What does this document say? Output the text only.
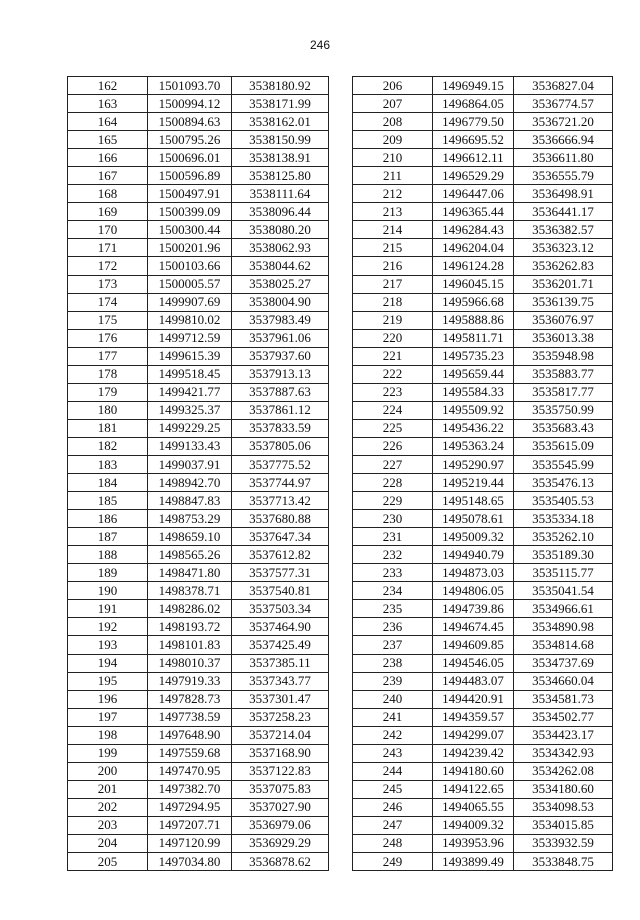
246
162	1501093.70	3538180.92
163	1500994.12	3538171.99
164	1500894.63	3538162.01
165	1500795.26	3538150.99
166	1500696.01	3538138.91
167	1500596.89	3538125.80
168	1500497.91	3538111.64
169	1500399.09	3538096.44
170	1500300.44	3538080.20
171	1500201.96	3538062.93
172	1500103.66	3538044.62
173	1500005.57	3538025.27
174	1499907.69	3538004.90
175	1499810.02	3537983.49
176	1499712.59	3537961.06
177	1499615.39	3537937.60
178	1499518.45	3537913.13
179	1499421.77	3537887.63
180	1499325.37	3537861.12
181	1499229.25	3537833.59
182	1499133.43	3537805.06
183	1499037.91	3537775.52
184	1498942.70	3537744.97
185	1498847.83	3537713.42
186	1498753.29	3537680.88
187	1498659.10	3537647.34
188	1498565.26	3537612.82
189	1498471.80	3537577.31
190	1498378.71	3537540.81
191	1498286.02	3537503.34
192	1498193.72	3537464.90
193	1498101.83	3537425.49
194	1498010.37	3537385.11
195	1497919.33	3537343.77
196	1497828.73	3537301.47
197	1497738.59	3537258.23
198	1497648.90	3537214.04
199	1497559.68	3537168.90
200	1497470.95	3537122.83
201	1497382.70	3537075.83
202	1497294.95	3537027.90
203	1497207.71	3536979.06
204	1497120.99	3536929.29
205	1497034.80	3536878.62
206	1496949.15	3536827.04
207	1496864.05	3536774.57
208	1496779.50	3536721.20
209	1496695.52	3536666.94
210	1496612.11	3536611.80
211	1496529.29	3536555.79
212	1496447.06	3536498.91
213	1496365.44	3536441.17
214	1496284.43	3536382.57
215	1496204.04	3536323.12
216	1496124.28	3536262.83
217	1496045.15	3536201.71
218	1495966.68	3536139.75
219	1495888.86	3536076.97
220	1495811.71	3536013.38
221	1495735.23	3535948.98
222	1495659.44	3535883.77
223	1495584.33	3535817.77
224	1495509.92	3535750.99
225	1495436.22	3535683.43
226	1495363.24	3535615.09
227	1495290.97	3535545.99
228	1495219.44	3535476.13
229	1495148.65	3535405.53
230	1495078.61	3535334.18
231	1495009.32	3535262.10
232	1494940.79	3535189.30
233	1494873.03	3535115.77
234	1494806.05	3535041.54
235	1494739.86	3534966.61
236	1494674.45	3534890.98
237	1494609.85	3534814.68
238	1494546.05	3534737.69
239	1494483.07	3534660.04
240	1494420.91	3534581.73
241	1494359.57	3534502.77
242	1494299.07	3534423.17
243	1494239.42	3534342.93
244	1494180.60	3534262.08
245	1494122.65	3534180.60
246	1494065.55	3534098.53
247	1494009.32	3534015.85
248	1493953.96	3533932.59
249	1493899.49	3533848.75
